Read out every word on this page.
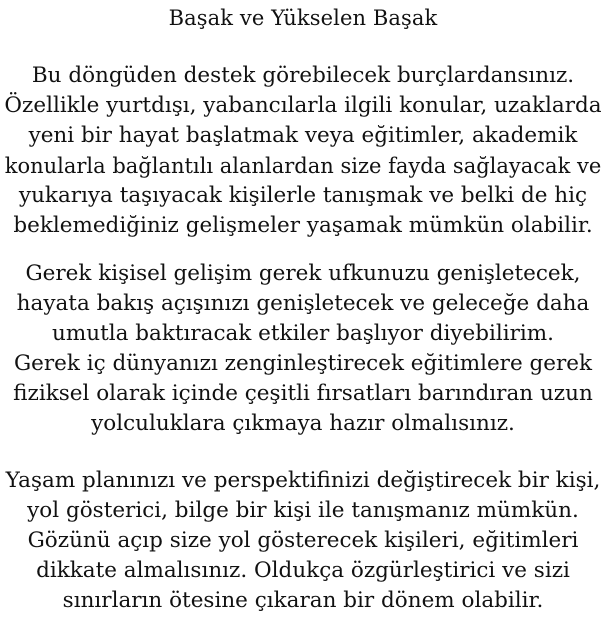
Başak ve Yükselen Başak

Bu döngüden destek görebilecek burçlardansınız.

Özellikle yurtdışı, yabancılarla ilgili konular, uzaklarda

yeni bir hayat başlatmak veya eğitimler, akademik

konularla bağlantılı alanlardan size fayda sağlayacak ve

yukarıya taşıyacak kişilerle tanışmak ve belki de hiç

beklemediğiniz gelişmeler yaşamak mümkün olabilir.

Gerek kişisel gelişim gerek ufkunuzu genişletecek,

hayata bakış açışınızı genişletecek ve geleceğe daha

umutla baktıracak etkiler başlıyor diyebilirim.

Gerek iç dünyanızı zenginleştirecek eğitimlere gerek

fiziksel olarak içinde çeşitli fırsatları barındıran uzun

yolculuklara çıkmaya hazır olmalısınız.

Yaşam planınızı ve perspektifinizi değiştirecek bir kişi,

yol gösterici, bilge bir kişi ile tanışmanız mümkün.

Gözünü açıp size yol gösterecek kişileri, eğitimleri

dikkate almalısınız. Oldukça özgürleştirici ve sizi

sınırların ötesine çıkaran bir dönem olabilir.
